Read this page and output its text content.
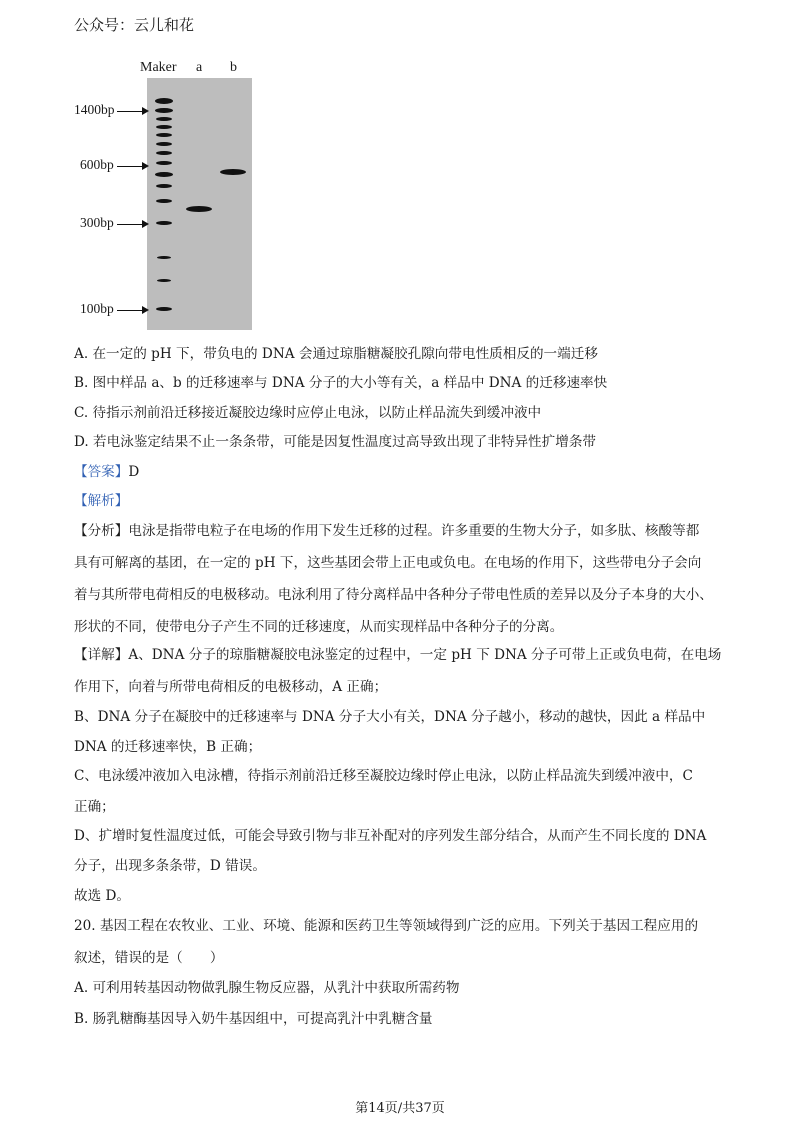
公众号：云儿和花
Maker a b
1400bp
600bp
300bp
100bp
A. 在一定的 pH 下，带负电的 DNA 会通过琼脂糖凝胶孔隙向带电性质相反的一端迁移
B. 图中样品 a、b 的迁移速率与 DNA 分子的大小等有关，a 样品中 DNA 的迁移速率快
C. 待指示剂前沿迁移接近凝胶边缘时应停止电泳，以防止样品流失到缓冲液中
D. 若电泳鉴定结果不止一条条带，可能是因复性温度过高导致出现了非特异性扩增条带
【答案】D
【解析】
【分析】电泳是指带电粒子在电场的作用下发生迁移的过程。许多重要的生物大分子，如多肽、核酸等都
具有可解离的基团，在一定的 pH 下，这些基团会带上正电或负电。在电场的作用下，这些带电分子会向
着与其所带电荷相反的电极移动。电泳利用了待分离样品中各种分子带电性质的差异以及分子本身的大小、
形状的不同，使带电分子产生不同的迁移速度，从而实现样品中各种分子的分离。
【详解】A、DNA 分子的琼脂糖凝胶电泳鉴定的过程中，一定 pH 下 DNA 分子可带上正或负电荷，在电场
作用下，向着与所带电荷相反的电极移动，A 正确；
B、DNA 分子在凝胶中的迁移速率与 DNA 分子大小有关，DNA 分子越小，移动的越快，因此 a 样品中
DNA 的迁移速率快，B 正确；
C、电泳缓冲液加入电泳槽，待指示剂前沿迁移至凝胶边缘时停止电泳，以防止样品流失到缓冲液中，C
正确；
D、扩增时复性温度过低，可能会导致引物与非互补配对的序列发生部分结合，从而产生不同长度的 DNA
分子，出现多条条带，D 错误。
故选 D。
20. 基因工程在农牧业、工业、环境、能源和医药卫生等领域得到广泛的应用。下列关于基因工程应用的
叙述，错误的是（　　）
A. 可利用转基因动物做乳腺生物反应器，从乳汁中获取所需药物
B. 肠乳糖酶基因导入奶牛基因组中，可提高乳汁中乳糖含量
第14页/共37页
